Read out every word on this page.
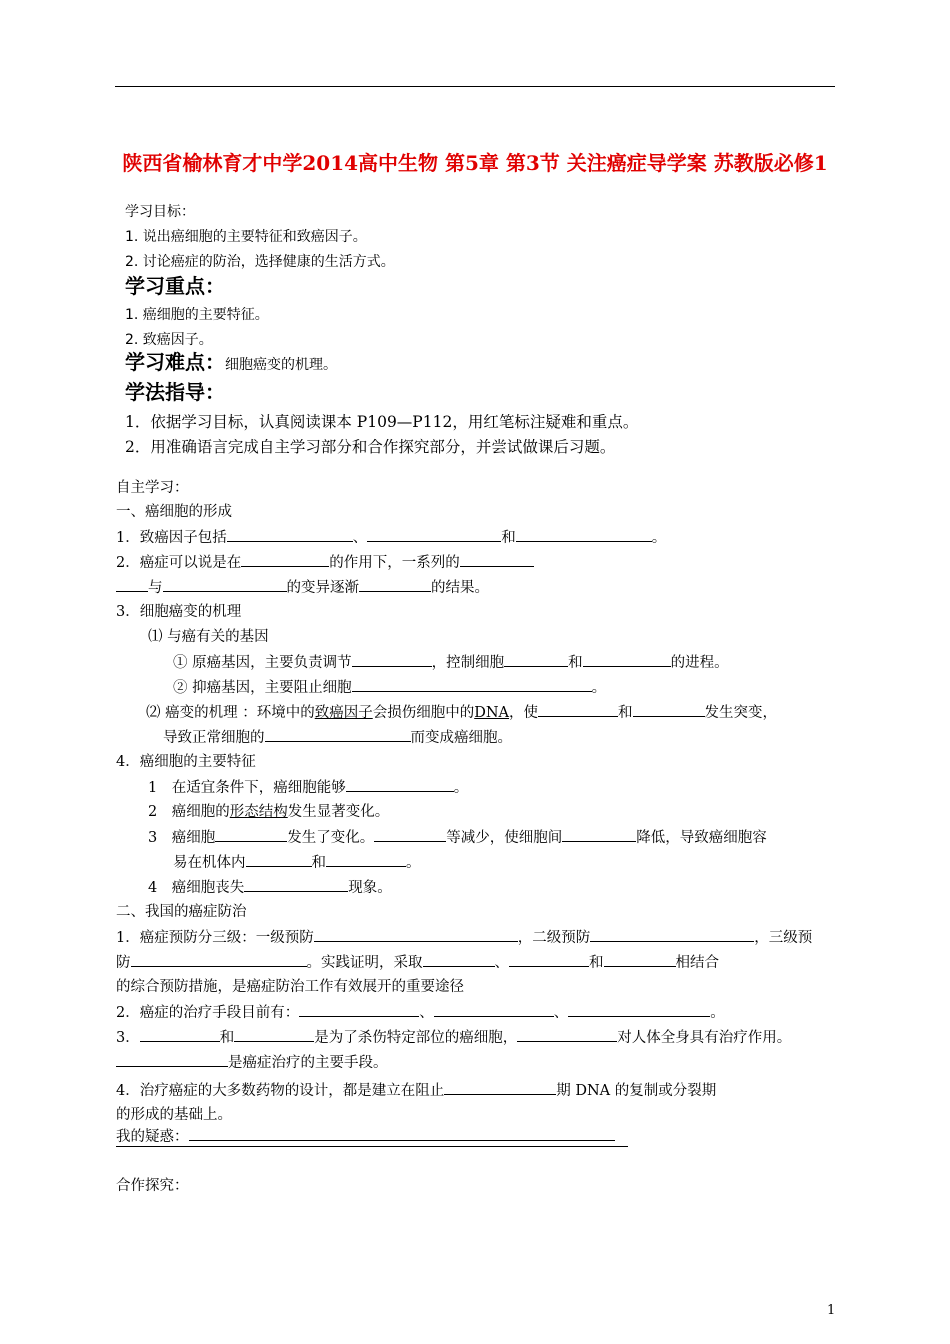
陕西省榆林育才中学2014高中生物 第5章 第3节 关注癌症导学案 苏教版必修1
学习目标：
1. 说出癌细胞的主要特征和致癌因子。
2. 讨论癌症的防治，选择健康的生活方式。
学习重点：
1. 癌细胞的主要特征。
2. 致癌因子。
学习难点：细胞癌变的机理。
学法指导：
1．依据学习目标，认真阅读课本 P109—P112，用红笔标注疑难和重点。
2．用准确语言完成自主学习部分和合作探究部分，并尝试做课后习题。
自主学习：
一、癌细胞的形成
1．致癌因子包括	、	和	。
2．癌症可以说是在	的作用下，一系列的
与	的变异逐渐	的结果。
3．细胞癌变的机理
⑴ 与癌有关的基因
① 原癌基因，主要负责调节	，控制细胞	和	的进程。
② 抑癌基因，主要阻止细胞	。
⑵ 癌变的机理 ：环境中的致癌因子会损伤细胞中的DNA，使	和	发生突变，
导致正常细胞的	而变成癌细胞。
4．癌细胞的主要特征
1　在适宜条件下，癌细胞能够	。
2　癌细胞的形态结构发生显著变化。
3　癌细胞	发生了变化。	等减少，使细胞间	降低，导致癌细胞容
易在机体内	和	。
4　癌细胞丧失	现象。
二、我国的癌症防治
1．癌症预防分三级：一级预防	，二级预防	，三级预
防	。实践证明，采取	、	和	相结合
的综合预防措施，是癌症防治工作有效展开的重要途径
2．癌症的治疗手段目前有：	、	、	。
3．	和	是为了杀伤特定部位的癌细胞，	对人体全身具有治疗作用。
是癌症治疗的主要手段。
4．治疗癌症的大多数药物的设计，都是建立在阻止	期 DNA 的复制或分裂期
的形成的基础上。
我的疑惑：
合作探究：
1
